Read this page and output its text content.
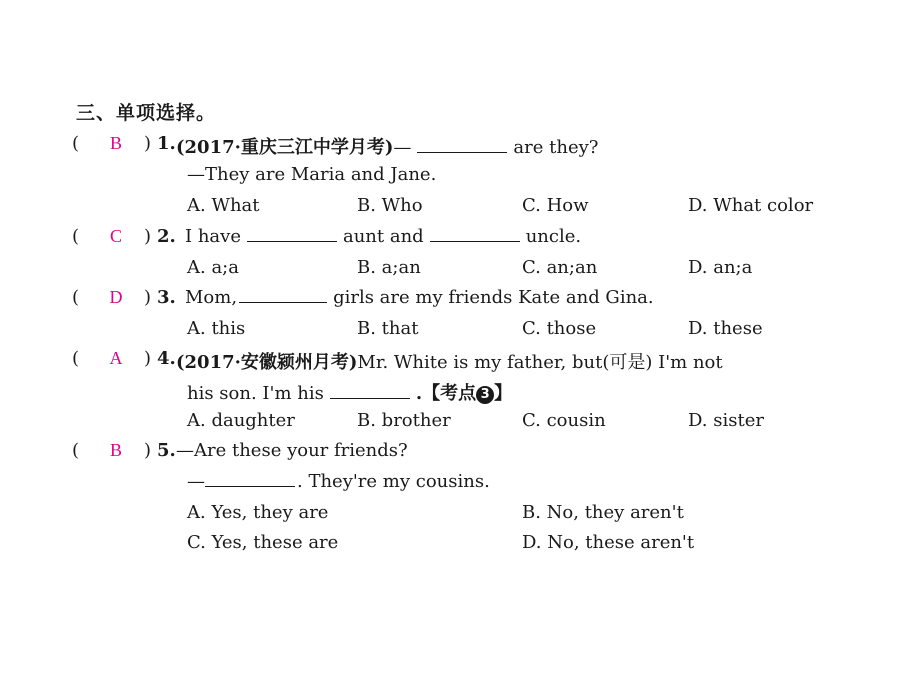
三、单项选择。
( B ) 1. (2017·重庆三江中学月考)—	are they?
—They are Maria and Jane.
A. What	B. Who	C. How	D. What color
( C ) 2. I have	aunt and	uncle.
A. a;a	B. a;an	C. an;an	D. an;a
( D ) 3. Mom,	girls are my friends Kate and Gina.
A. this	B. that	C. those	D. these
( A ) 4. (2017·安徽颍州月考)Mr. White is my father, but(可是) I'm not
his son. I'm his	.【考点 3 】
A. daughter	B. brother	C. cousin	D. sister
( B ) 5. —Are these your friends?
—	. They're my cousins.
A. Yes, they are	B. No, they aren't
C. Yes, these are	D. No, these aren't
